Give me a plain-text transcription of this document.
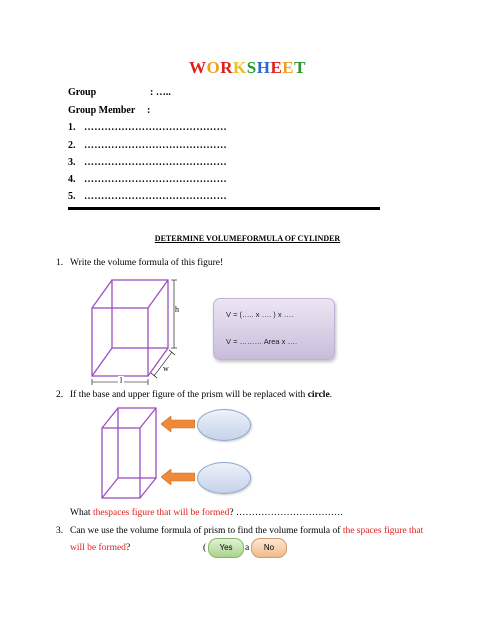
WORKSHEET
Group	: …..
Group Member :
1. ……………………………………
2. ……………………………………
3. ……………………………………
4. ……………………………………
5. ……………………………………
DETERMINE VOLUMEFORMULA OF CYLINDER
1. Write the volume formula of this figure!
h
w
l
V = (….. x …. ) x ….
V = ……… Area x ….
2. If the base and upper figure of the prism will be replaced with circle.
What thespaces figure that will be formed? …………………………….
3. Can we use the volume formula of prism to find the volume formula of the spaces figure that
will be formed?	(	a
Yes	No
